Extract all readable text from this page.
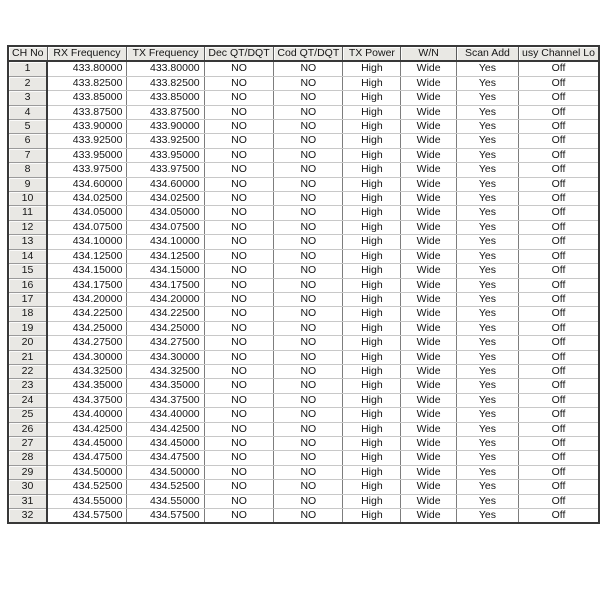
CH No	RX Frequency	TX Frequency	Dec QT/DQT	Cod QT/DQT	TX Power	W/N	Scan Add	usy Channel Lo
1	433.80000	433.80000	NO	NO	High	Wide	Yes	Off
2	433.82500	433.82500	NO	NO	High	Wide	Yes	Off
3	433.85000	433.85000	NO	NO	High	Wide	Yes	Off
4	433.87500	433.87500	NO	NO	High	Wide	Yes	Off
5	433.90000	433.90000	NO	NO	High	Wide	Yes	Off
6	433.92500	433.92500	NO	NO	High	Wide	Yes	Off
7	433.95000	433.95000	NO	NO	High	Wide	Yes	Off
8	433.97500	433.97500	NO	NO	High	Wide	Yes	Off
9	434.60000	434.60000	NO	NO	High	Wide	Yes	Off
10	434.02500	434.02500	NO	NO	High	Wide	Yes	Off
11	434.05000	434.05000	NO	NO	High	Wide	Yes	Off
12	434.07500	434.07500	NO	NO	High	Wide	Yes	Off
13	434.10000	434.10000	NO	NO	High	Wide	Yes	Off
14	434.12500	434.12500	NO	NO	High	Wide	Yes	Off
15	434.15000	434.15000	NO	NO	High	Wide	Yes	Off
16	434.17500	434.17500	NO	NO	High	Wide	Yes	Off
17	434.20000	434.20000	NO	NO	High	Wide	Yes	Off
18	434.22500	434.22500	NO	NO	High	Wide	Yes	Off
19	434.25000	434.25000	NO	NO	High	Wide	Yes	Off
20	434.27500	434.27500	NO	NO	High	Wide	Yes	Off
21	434.30000	434.30000	NO	NO	High	Wide	Yes	Off
22	434.32500	434.32500	NO	NO	High	Wide	Yes	Off
23	434.35000	434.35000	NO	NO	High	Wide	Yes	Off
24	434.37500	434.37500	NO	NO	High	Wide	Yes	Off
25	434.40000	434.40000	NO	NO	High	Wide	Yes	Off
26	434.42500	434.42500	NO	NO	High	Wide	Yes	Off
27	434.45000	434.45000	NO	NO	High	Wide	Yes	Off
28	434.47500	434.47500	NO	NO	High	Wide	Yes	Off
29	434.50000	434.50000	NO	NO	High	Wide	Yes	Off
30	434.52500	434.52500	NO	NO	High	Wide	Yes	Off
31	434.55000	434.55000	NO	NO	High	Wide	Yes	Off
32	434.57500	434.57500	NO	NO	High	Wide	Yes	Off
